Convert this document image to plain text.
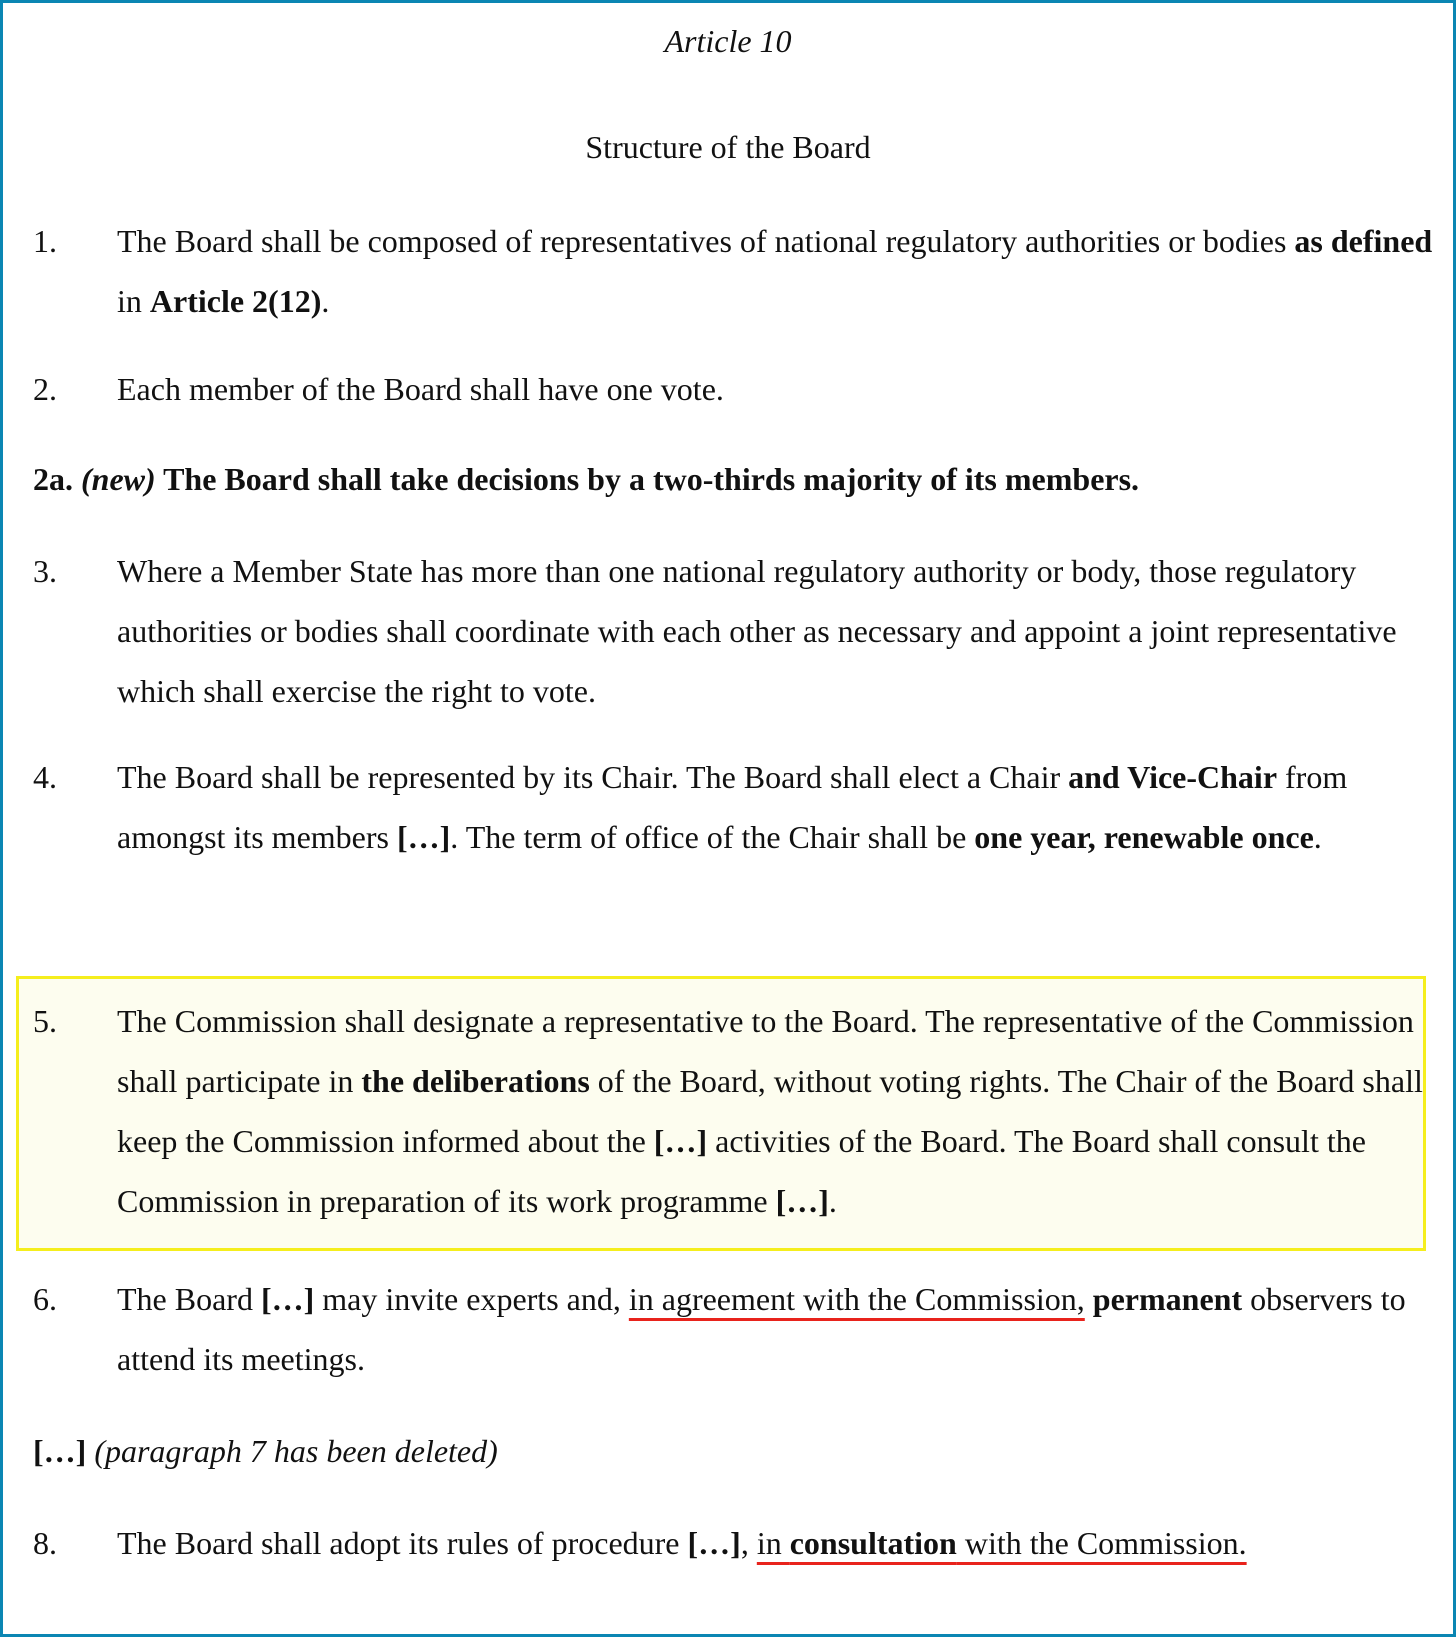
Article 10
Structure of the Board
1. The Board shall be composed of representatives of national regulatory authorities or bodies as defined in Article 2(12).
2. Each member of the Board shall have one vote.
2a. (new) The Board shall take decisions by a two-thirds majority of its members.
3. Where a Member State has more than one national regulatory authority or body, those regulatory authorities or bodies shall coordinate with each other as necessary and appoint a joint representative which shall exercise the right to vote.
4. The Board shall be represented by its Chair. The Board shall elect a Chair and Vice-Chair from amongst its members […]. The term of office of the Chair shall be one year, renewable once.
5. The Commission shall designate a representative to the Board. The representative of the Commission shall participate in the deliberations of the Board, without voting rights. The Chair of the Board shall keep the Commission informed about the […] activities of the Board. The Board shall consult the Commission in preparation of its work programme […].
6. The Board […] may invite experts and, in agreement with the Commission, permanent observers to attend its meetings.
[…] (paragraph 7 has been deleted)
8. The Board shall adopt its rules of procedure […], in consultation with the Commission.
